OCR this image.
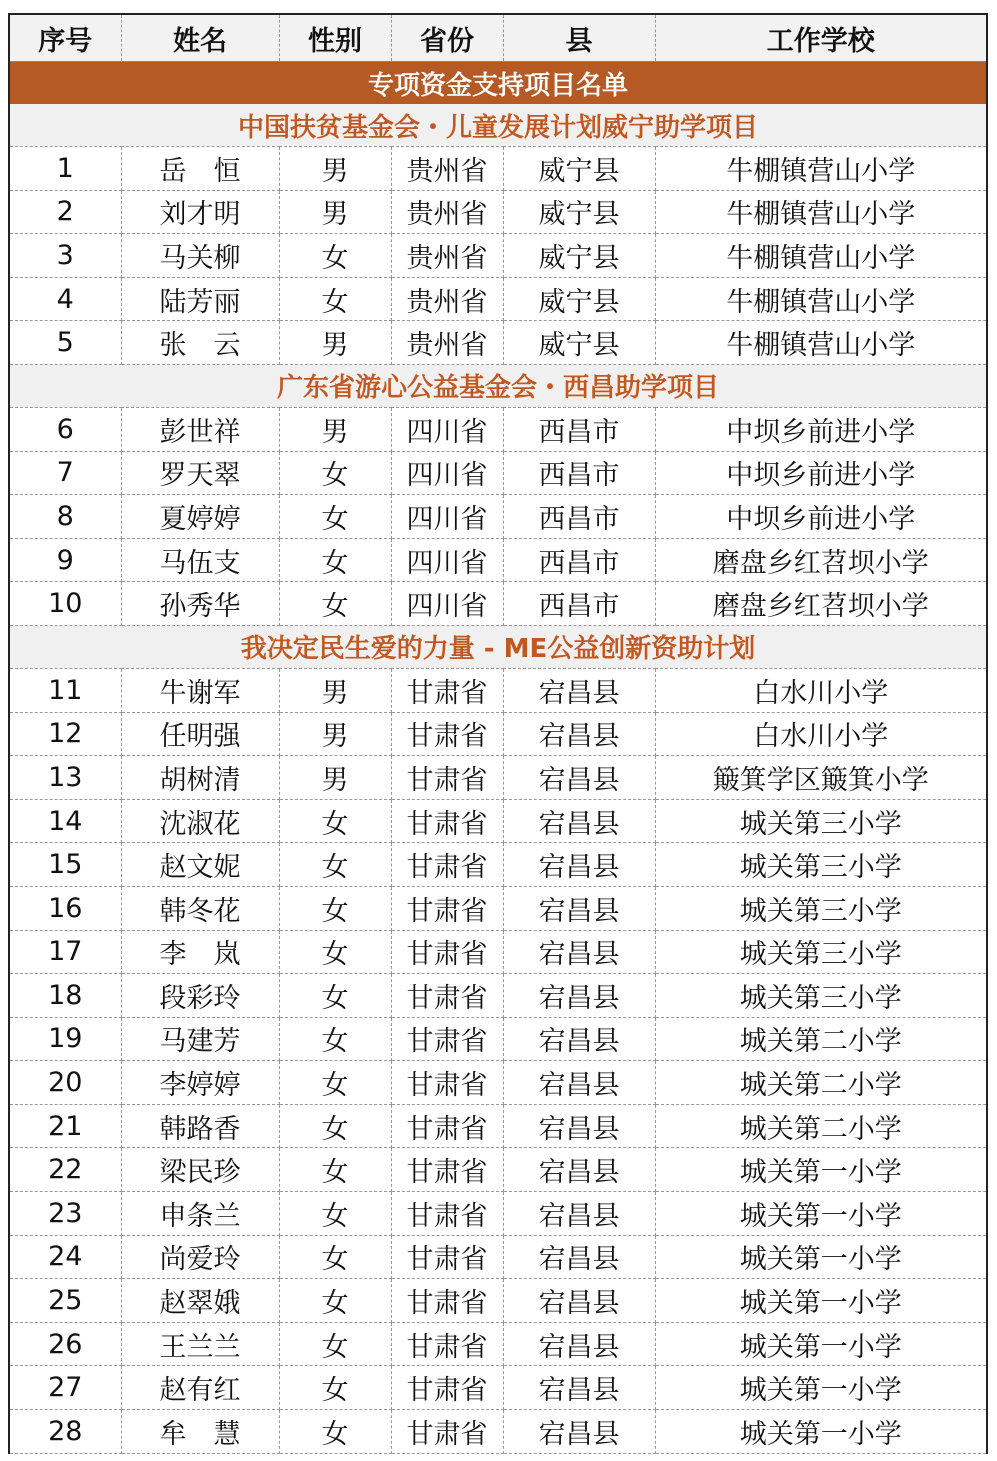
序号	姓名	性别	省份	县	工作学校
专项资金支持项目名单					
中国扶贫基金会・儿童发展计划威宁助学项目					
1	岳　恒	男	贵州省	威宁县	牛棚镇营山小学
2	刘才明	男	贵州省	威宁县	牛棚镇营山小学
3	马关柳	女	贵州省	威宁县	牛棚镇营山小学
4	陆芳丽	女	贵州省	威宁县	牛棚镇营山小学
5	张　云	男	贵州省	威宁县	牛棚镇营山小学
广东省游心公益基金会・西昌助学项目					
6	彭世祥	男	四川省	西昌市	中坝乡前进小学
7	罗天翠	女	四川省	西昌市	中坝乡前进小学
8	夏婷婷	女	四川省	西昌市	中坝乡前进小学
9	马伍支	女	四川省	西昌市	磨盘乡红苕坝小学
10	孙秀华	女	四川省	西昌市	磨盘乡红苕坝小学
我决定民生爱的力量 - ME公益创新资助计划					
11	牛谢军	男	甘肃省	宕昌县	白水川小学
12	任明强	男	甘肃省	宕昌县	白水川小学
13	胡树清	男	甘肃省	宕昌县	簸箕学区簸箕小学
14	沈淑花	女	甘肃省	宕昌县	城关第三小学
15	赵文妮	女	甘肃省	宕昌县	城关第三小学
16	韩冬花	女	甘肃省	宕昌县	城关第三小学
17	李　岚	女	甘肃省	宕昌县	城关第三小学
18	段彩玲	女	甘肃省	宕昌县	城关第三小学
19	马建芳	女	甘肃省	宕昌县	城关第二小学
20	李婷婷	女	甘肃省	宕昌县	城关第二小学
21	韩路香	女	甘肃省	宕昌县	城关第二小学
22	梁民珍	女	甘肃省	宕昌县	城关第一小学
23	申条兰	女	甘肃省	宕昌县	城关第一小学
24	尚爱玲	女	甘肃省	宕昌县	城关第一小学
25	赵翠娥	女	甘肃省	宕昌县	城关第一小学
26	王兰兰	女	甘肃省	宕昌县	城关第一小学
27	赵有红	女	甘肃省	宕昌县	城关第一小学
28	牟　慧	女	甘肃省	宕昌县	城关第一小学
